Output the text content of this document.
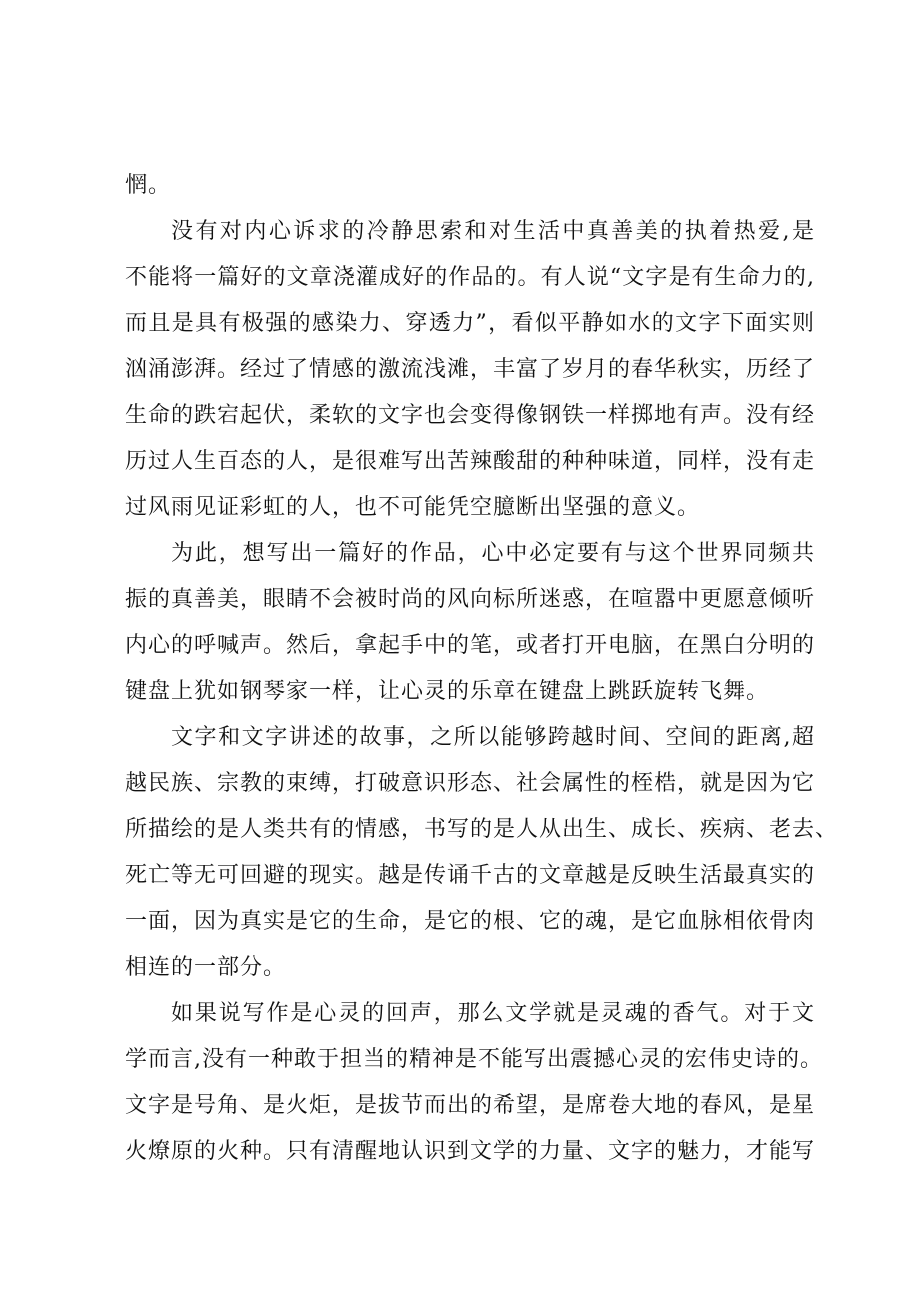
惘。
没有对内心诉求的冷静思索和对生活中真善美的执着热爱,是
不能将一篇好的文章浇灌成好的作品的。有人说“文字是有生命力的,
而且是具有极强的感染力、穿透力”，看似平静如水的文字下面实则
汹涌澎湃。经过了情感的激流浅滩，丰富了岁月的春华秋实，历经了
生命的跌宕起伏，柔软的文字也会变得像钢铁一样掷地有声。没有经
历过人生百态的人，是很难写出苦辣酸甜的种种味道，同样，没有走
过风雨见证彩虹的人，也不可能凭空臆断出坚强的意义。
为此，想写出一篇好的作品，心中必定要有与这个世界同频共
振的真善美，眼睛不会被时尚的风向标所迷惑，在喧嚣中更愿意倾听
内心的呼喊声。然后，拿起手中的笔，或者打开电脑，在黑白分明的
键盘上犹如钢琴家一样，让心灵的乐章在键盘上跳跃旋转飞舞。
文字和文字讲述的故事，之所以能够跨越时间、空间的距离,超
越民族、宗教的束缚，打破意识形态、社会属性的桎梏，就是因为它
所描绘的是人类共有的情感，书写的是人从出生、成长、疾病、老去、
死亡等无可回避的现实。越是传诵千古的文章越是反映生活最真实的
一面，因为真实是它的生命，是它的根、它的魂，是它血脉相依骨肉
相连的一部分。
如果说写作是心灵的回声，那么文学就是灵魂的香气。对于文
学而言,没有一种敢于担当的精神是不能写出震撼心灵的宏伟史诗的。
文字是号角、是火炬，是拔节而出的希望，是席卷大地的春风，是星
火燎原的火种。只有清醒地认识到文学的力量、文字的魅力，才能写
